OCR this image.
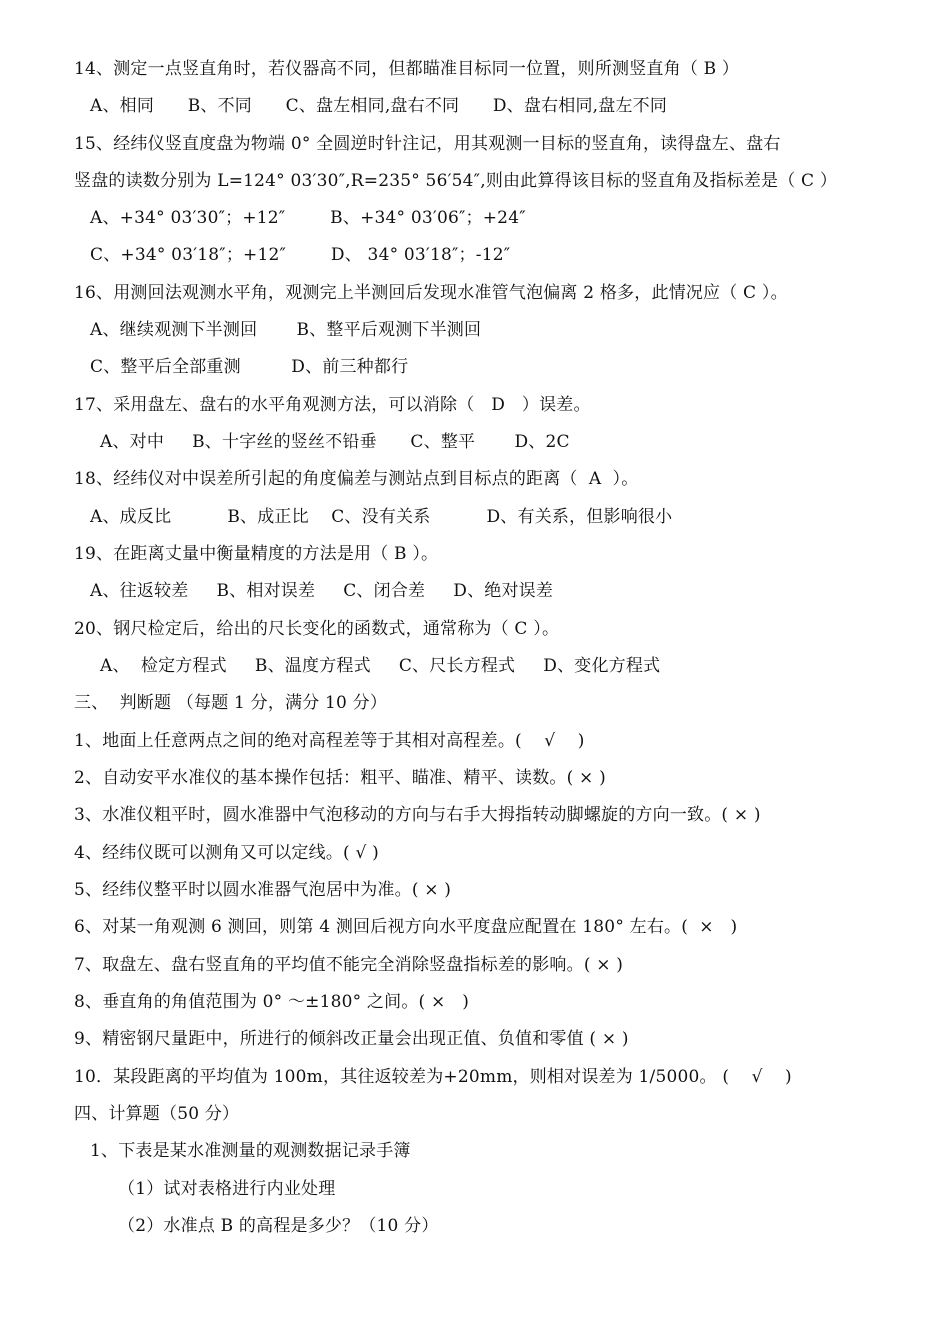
14、测定一点竖直角时，若仪器高不同，但都瞄准目标同一位置，则所测竖直角（ B ）
A、相同      B、不同      C、盘左相同,盘右不同      D、盘右相同,盘左不同
15、经纬仪竖直度盘为物端 0° 全圆逆时针注记，用其观测一目标的竖直角，读得盘左、盘右
竖盘的读数分别为 L=124° 03′30″,R=235° 56′54″,则由此算得该目标的竖直角及指标差是（ C ）
A、+34° 03′30″；+12″        B、+34° 03′06″；+24″
C、+34° 03′18″；+12″        D、 34° 03′18″；-12″
16、用测回法观测水平角，观测完上半测回后发现水准管气泡偏离 2 格多，此情况应（ C ）。
A、继续观测下半测回       B、整平后观测下半测回
C、整平后全部重测         D、前三种都行
17、采用盘左、盘右的水平角观测方法，可以消除（   D   ）误差。
A、对中     B、十字丝的竖丝不铅垂      C、整平       D、2C
18、经纬仪对中误差所引起的角度偏差与测站点到目标点的距离（  A  ）。
A、成反比          B、成正比    C、没有关系          D、有关系，但影响很小
19、在距离丈量中衡量精度的方法是用（ B ）。
A、往返较差     B、相对误差     C、闭合差     D、绝对误差
20、钢尺检定后，给出的尺长变化的函数式，通常称为（ C ）。
A、  检定方程式     B、温度方程式     C、尺长方程式     D、变化方程式
三、  判断题 （每题 1 分，满分 10 分）
1、地面上任意两点之间的绝对高程差等于其相对高程差。(    √    )
2、自动安平水准仪的基本操作包括：粗平、瞄准、精平、读数。( × )
3、水准仪粗平时，圆水准器中气泡移动的方向与右手大拇指转动脚螺旋的方向一致。( × )
4、经纬仪既可以测角又可以定线。( √ )
5、经纬仪整平时以圆水准器气泡居中为准。( × )
6、对某一角观测 6 测回，则第 4 测回后视方向水平度盘应配置在 180° 左右。(  ×   )
7、取盘左、盘右竖直角的平均值不能完全消除竖盘指标差的影响。( × )
8、垂直角的角值范围为 0° ～±180° 之间。( ×   )
9、精密钢尺量距中，所进行的倾斜改正量会出现正值、负值和零值 ( × )
10．某段距离的平均值为 100m，其往返较差为+20mm，则相对误差为 1/5000。 (    √    )
四、计算题（50 分）
1、下表是某水准测量的观测数据记录手簿
（1）试对表格进行内业处理
（2）水准点 B 的高程是多少？（10 分）
